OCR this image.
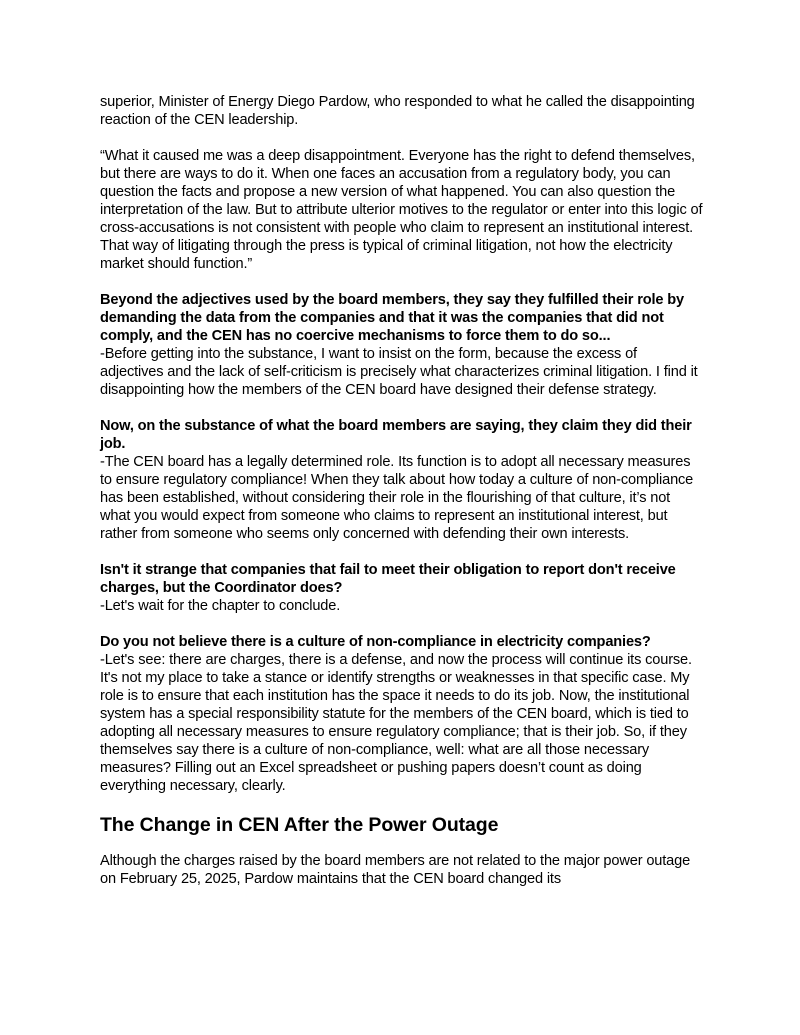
superior, Minister of Energy Diego Pardow, who responded to what he called the disappointing reaction of the CEN leadership.

“What it caused me was a deep disappointment. Everyone has the right to defend themselves, but there are ways to do it. When one faces an accusation from a regulatory body, you can question the facts and propose a new version of what happened. You can also question the interpretation of the law. But to attribute ulterior motives to the regulator or enter into this logic of cross-accusations is not consistent with people who claim to represent an institutional interest. That way of litigating through the press is typical of criminal litigation, not how the electricity market should function.”

Beyond the adjectives used by the board members, they say they fulfilled their role by demanding the data from the companies and that it was the companies that did not comply, and the CEN has no coercive mechanisms to force them to do so...

-Before getting into the substance, I want to insist on the form, because the excess of adjectives and the lack of self-criticism is precisely what characterizes criminal litigation. I find it disappointing how the members of the CEN board have designed their defense strategy.

Now, on the substance of what the board members are saying, they claim they did their job.

-The CEN board has a legally determined role. Its function is to adopt all necessary measures to ensure regulatory compliance! When they talk about how today a culture of non-compliance has been established, without considering their role in the flourishing of that culture, it’s not what you would expect from someone who claims to represent an institutional interest, but rather from someone who seems only concerned with defending their own interests.

Isn't it strange that companies that fail to meet their obligation to report don't receive charges, but the Coordinator does?

-Let's wait for the chapter to conclude.

Do you not believe there is a culture of non-compliance in electricity companies?

-Let's see: there are charges, there is a defense, and now the process will continue its course. It's not my place to take a stance or identify strengths or weaknesses in that specific case. My role is to ensure that each institution has the space it needs to do its job. Now, the institutional system has a special responsibility statute for the members of the CEN board, which is tied to adopting all necessary measures to ensure regulatory compliance; that is their job. So, if they themselves say there is a culture of non-compliance, well: what are all those necessary measures? Filling out an Excel spreadsheet or pushing papers doesn’t count as doing everything necessary, clearly.

The Change in CEN After the Power Outage

Although the charges raised by the board members are not related to the major power outage on February 25, 2025, Pardow maintains that the CEN board changed its
